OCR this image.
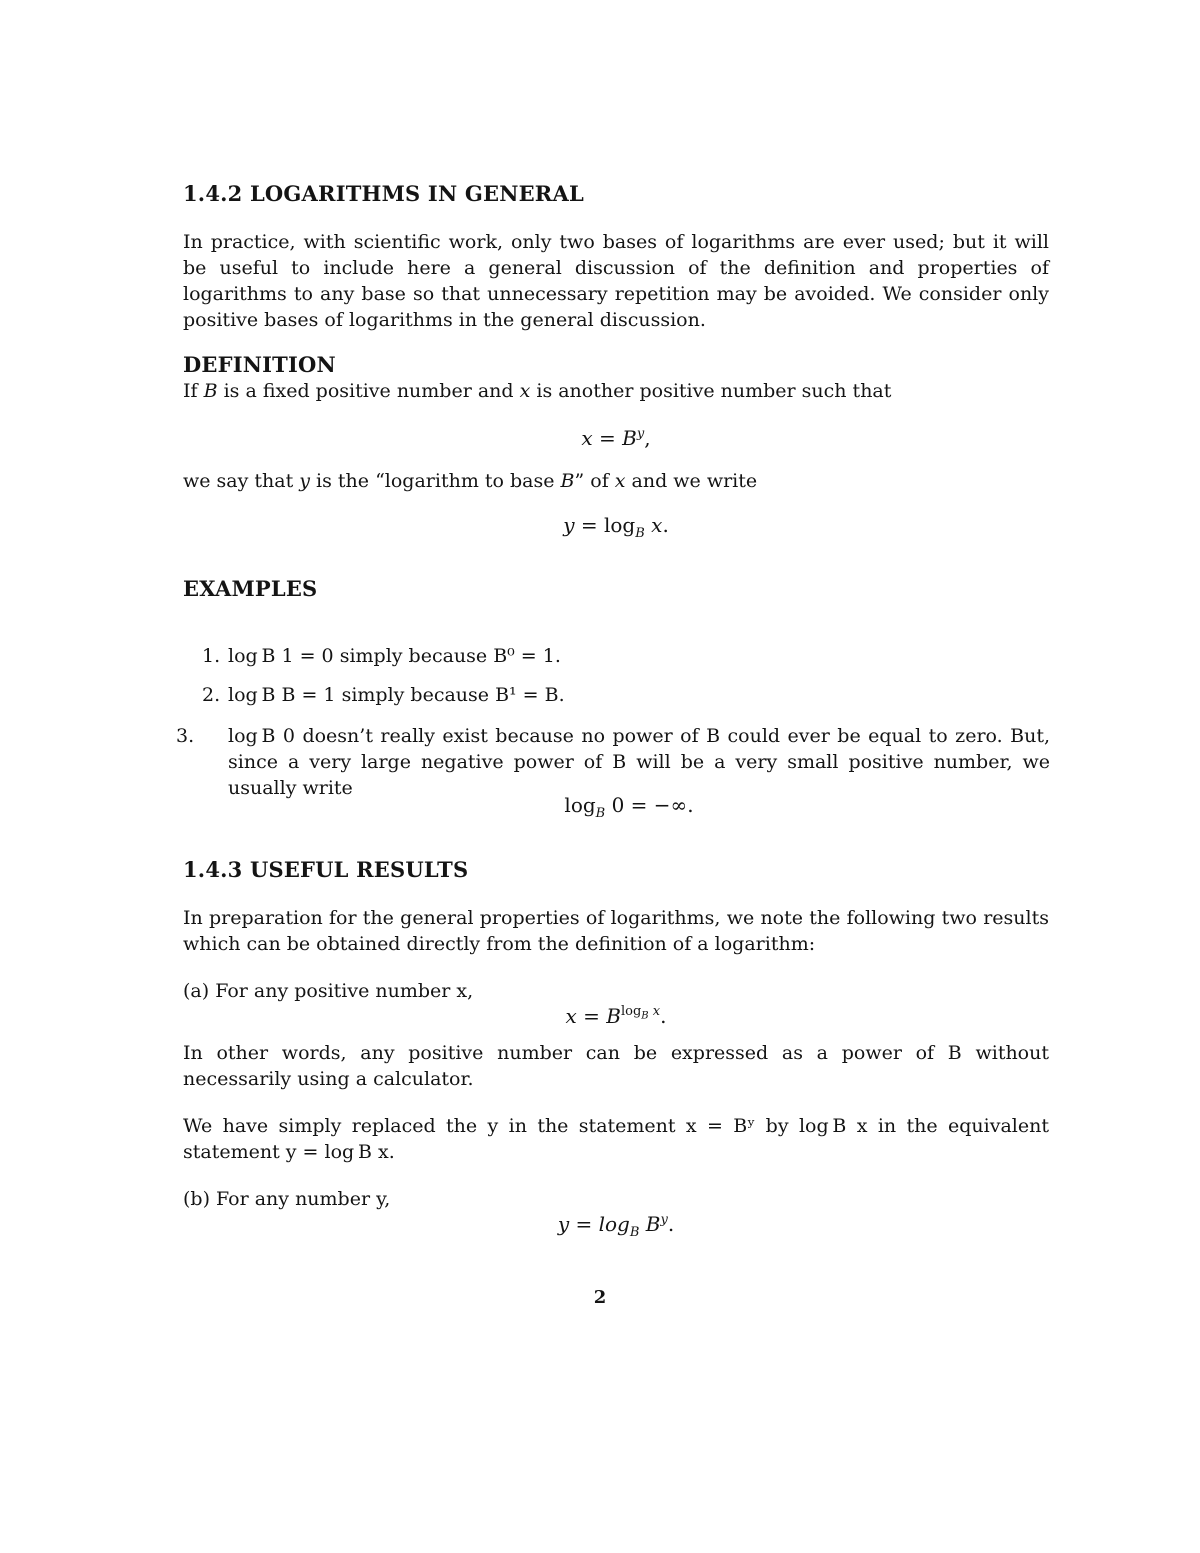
1.4.2 LOGARITHMS IN GENERAL
In practice, with scientific work, only two bases of logarithms are ever used; but it will be useful to include here a general discussion of the definition and properties of logarithms to any base so that unnecessary repetition may be avoided. We consider only positive bases of logarithms in the general discussion.
DEFINITION
If B is a fixed positive number and x is another positive number such that
$x = B^y$,
we say that y is the “logarithm to base B” of x and we write
$y = \log_B x$.
EXAMPLES
1. log B 1 = 0 simply because B⁰ = 1.
2. log B B = 1 simply because B¹ = B.
3. log B 0 doesn’t really exist because no power of B could ever be equal to zero. But, since a very large negative power of B will be a very small positive number, we usually write
$\log_B 0$ = −∞.
1.4.3 USEFUL RESULTS
In preparation for the general properties of logarithms, we note the following two results which can be obtained directly from the definition of a logarithm:
(a) For any positive number x,
$x = B^{log_B x}$.
In other words, any positive number can be expressed as a power of B without necessarily using a calculator.
We have simply replaced the y in the statement x = Bʸ by log B x in the equivalent statement y = log B x.
(b) For any number y,
$y = \log_B B^y$.
2
